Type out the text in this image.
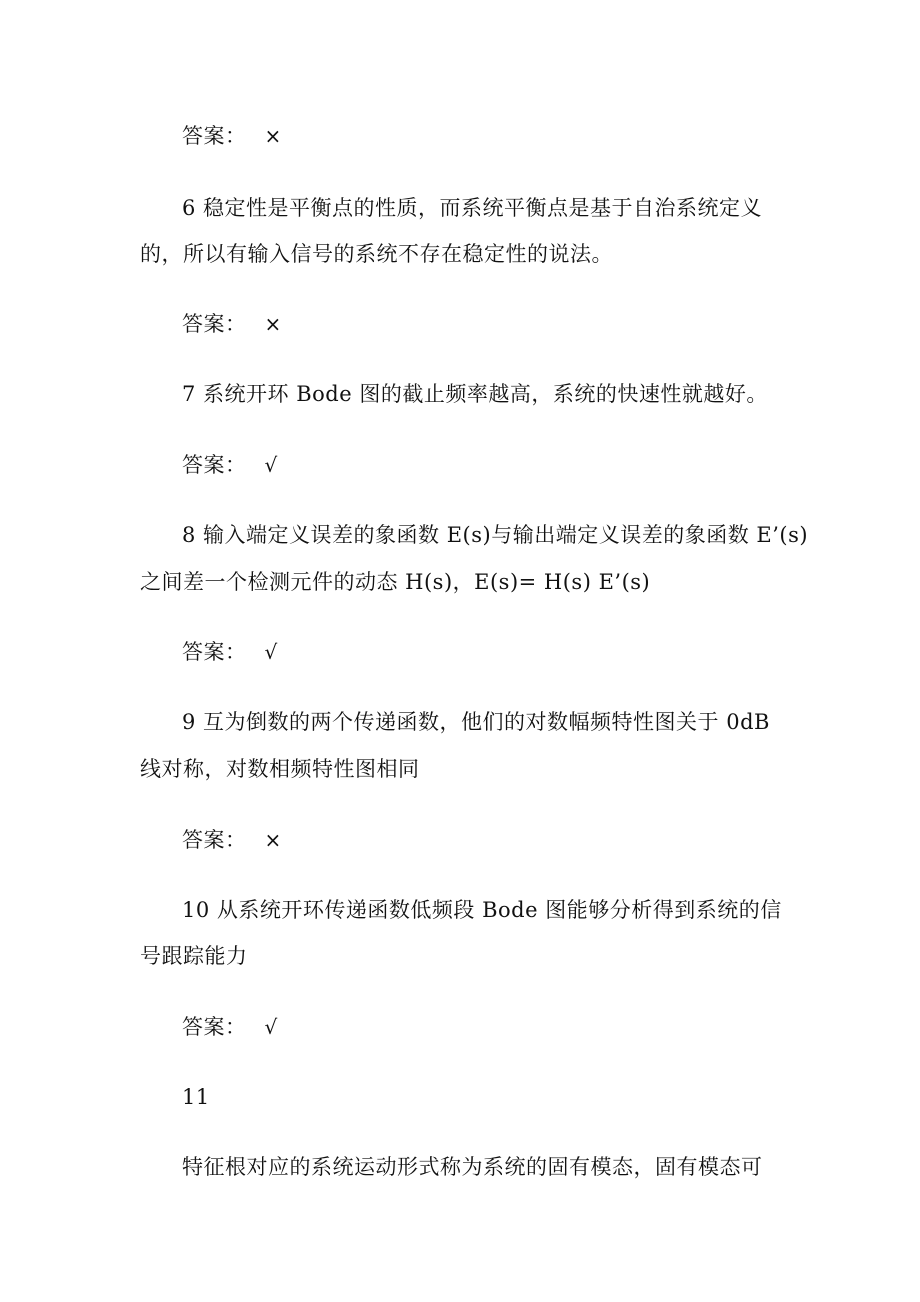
答案： ×
6 稳定性是平衡点的性质，而系统平衡点是基于自治系统定义
的，所以有输入信号的系统不存在稳定性的说法。
答案： ×
7 系统开环 Bode 图的截止频率越高，系统的快速性就越好。
答案： √
8 输入端定义误差的象函数 E(s)与输出端定义误差的象函数 E’(s)
之间差一个检测元件的动态 H(s)，E(s)= H(s) E’(s)
答案： √
9 互为倒数的两个传递函数，他们的对数幅频特性图关于 0dB
线对称，对数相频特性图相同
答案： ×
10 从系统开环传递函数低频段 Bode 图能够分析得到系统的信
号跟踪能力
答案： √
11
特征根对应的系统运动形式称为系统的固有模态，固有模态可
